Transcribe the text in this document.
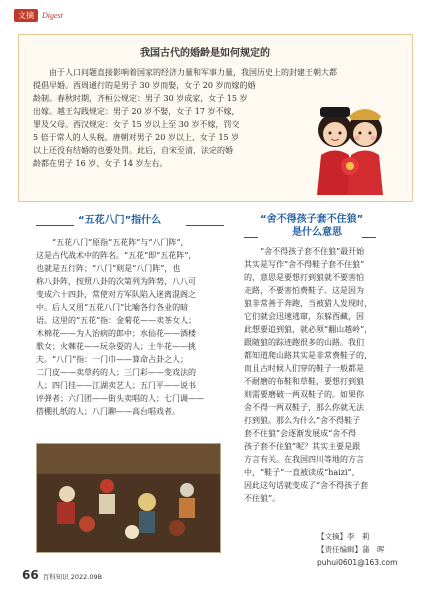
文摘	Digest
我国古代的婚龄是如何规定的
由于人口问题直接影响着国家的经济力量和军事力量，我国历史上的封建王朝大都
提倡早婚。西周通行的是男子 30 岁而娶，女子 20 岁而嫁的婚
龄制。春秋时期，齐桓公规定：男子 30 岁成家，女子 15 岁
出嫁。越王勾践规定：男子 20 岁不娶，女子 17 岁不嫁，
罪及父母。西汉规定：女子 15 岁以上至 30 岁不嫁，罚交
5 倍于常人的人头税。唐朝对男子 20 岁以上、女子 15 岁
以上还没有结婚的也要处罚。此后，自宋至清，法定的婚
龄都在男子 16 岁、女子 14 岁左右。
“五花八门”指什么
“五花八门”原指“五花阵”与“八门阵”，
这是古代战术中的阵名。“五花”即“五花阵”，
也就是五行阵；“八门”则是“八门阵”，也
称八卦阵，按照八卦的次第列为阵势，八八可
变成六十四卦，常使对方军队陷入迷离混阁之
中。后人又用“五花八门”比喻各行各业的暗
语。这里的“五花”指：金菊花——卖茶女人；
木棉花——为人治病的郎中；水仙花——酒楼
歌女；火棘花——玩杂耍的人；土牛花——挑
夫。“八门”指：一门巾——算命占卦之人；
二门皮——卖草药的人；三门彩——变戏法的
人；四门挂——江湖卖艺人；五门平——说书
评弹者；六门团——街头卖唱的人；七门调——
搭棚扎纸的人；八门聊——高台唱戏者。
“舍不得孩子套不住狼”
是什么意思
“舍不得孩子套不住狼”最开始
其实是写作“舍不得鞋子套不住狼”
的，意思是要想打到狼就不要害怕
走路，不要害怕费鞋子。这是因为
狼非常善于奔跑，当被猎人发现时，
它们就会迅速逃窜，东躲西藏，因
此想要追到狼，就必须“翻山越岭”，
跟随狼的踪迹跑很多的山路。我们
都知道爬山路其实是非常费鞋子的，
而且古时候人们穿的鞋子一般都是
不耐磨的布鞋和草鞋，要想打到狼
则需要磨破一两双鞋子的。如果你
舍不得一两双鞋子，那么你就无法
打到狼。那么为什么“舍不得鞋子
套不住狼”会逐渐发展成“舍不得
孩子套不住狼”呢？其实主要是跟
方言有关。在我国四川等地的方言
中，“鞋子”一直被读成“haizi”，
因此这句话就变成了“舍不得孩子套
不住狼”。
【文摘】李　莉
【责任编辑】蒲　晖
puhui0601@163.com
66 百科知识 2022.09B
